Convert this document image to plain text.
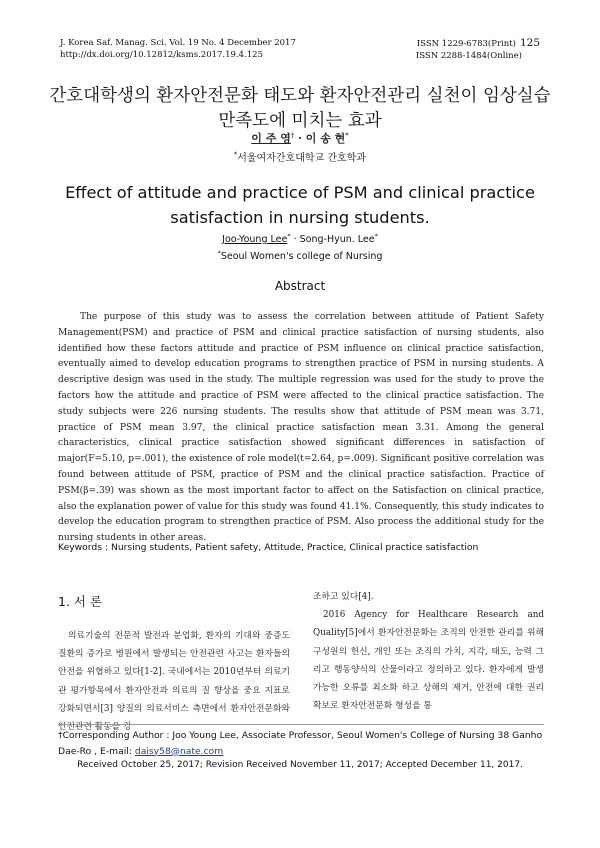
J. Korea Saf. Manag. Sci. Vol. 19 No. 4 December 2017
http://dx.doi.org/10.12812/ksms.2017.19.4.125
ISSN 1229-6783(Print) 125
ISSN 2288-1484(Online)
간호대학생의 환자안전문화 태도와 환자안전관리 실천이 임상실습
만족도에 미치는 효과
이 주 영† · 이 송 현*
*서울여자간호대학교 간호학과
Effect of attitude and practice of PSM and clinical practice
satisfaction in nursing students.
Joo-Young Lee* · Song-Hyun. Lee*
*Seoul Women's college of Nursing
Abstract
The purpose of this study was to assess the correlation between attitude of Patient Safety Management(PSM) and practice of PSM and clinical practice satisfaction of nursing students, also identified how these factors attitude and practice of PSM influence on clinical practice satisfaction, eventually aimed to develop education programs to strengthen practice of PSM in nursing students. A descriptive design was used in the study. The multiple regression was used for the study to prove the factors how the attitude and practice of PSM were affected to the clinical practice satisfaction. The study subjects were 226 nursing students. The results show that attitude of PSM mean was 3.71, practice of PSM mean 3.97, the clinical practice satisfaction mean 3.31. Among the general characteristics, clinical practice satisfaction showed significant differences in satisfaction of major(F=5.10, p=.001), the existence of role model(t=2.64, p=.009). Significant positive correlation was found between attitude of PSM, practice of PSM and the clinical practice satisfaction. Practice of PSM(β=.39) was shown as the most important factor to affect on the Satisfaction on clinical practice, also the explanation power of value for this study was found 41.1%. Consequently, this study indicates to develop the education program to strengthen practice of PSM. Also process the additional study for the nursing students in other areas.
Keywords : Nursing students, Patient safety, Attitude, Practice, Clinical practice satisfaction
1. 서 론
의료기술의 전문적 발전과 분업화, 환자의 기대와 중증도 질환의 증가로 병원에서 발생되는 안전관련 사고는 환자들의 안전을 위협하고 있다[1-2]. 국내에서는 2010년부터 의료기관 평가항목에서 환자안전과 의료의 질 향상을 중요 지표로 강화되면서[3] 양질의 의료서비스 측면에서 환자안전문화와 안전관련 활동을 강
조하고 있다[4].
2016 Agency for Healthcare Research and Quality[5]에서 환자안전문화는 조직의 안전한 관리를 위해 구성원의 헌신, 개인 또는 조직의 가치, 지각, 태도, 능력 그리고 행동양식의 산물이라고 정의하고 있다. 환자에게 발생 가능한 오류를 최소화 하고 상해의 제거, 안전에 대한 권리 확보로 환자안전문화 형성을 통
†Corresponding Author : Joo Young Lee, Associate Professor, Seoul Women's College of Nursing 38 Ganho Dae-Ro , E-mail: daisy58@nate.com
Received October 25, 2017; Revision Received November 11, 2017; Accepted December 11, 2017.
